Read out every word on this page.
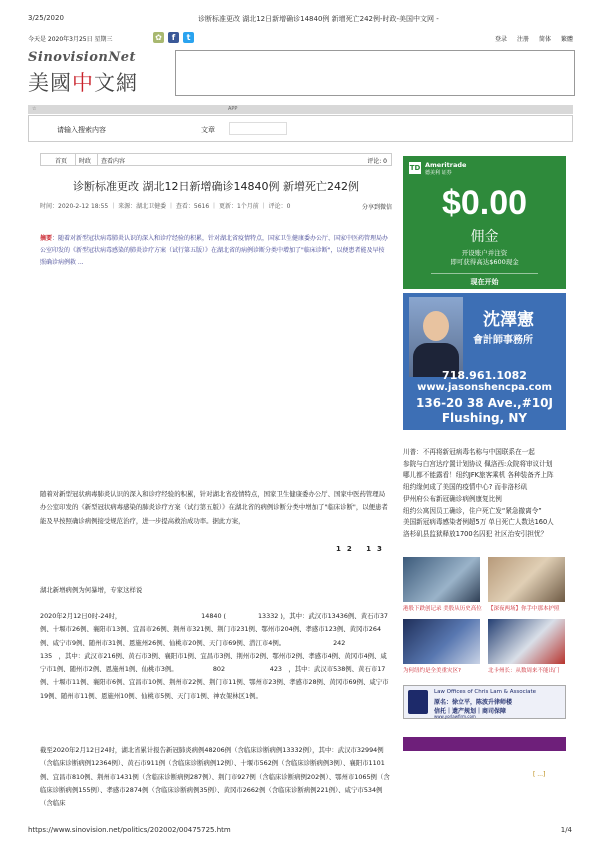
3/25/2020	诊断标准更改 湖北12日新增确诊14840例 新增死亡242例-时政-美国中文网 -
今天是 2020年3月25日 星期三	✿	f	t	登录 注册 简体 繁體
SinovisionNet
美國中文網
☆	APP
请输入搜索内容	文章
首页 时政 查看内容	评论: 0
诊断标准更改 湖北12日新增确诊14840例 新增死亡242例
时间：2020-2-12 18:55 ｜ 来源：湖北卫健委 ｜ 查看：5616 ｜ 更新：1个月前 ｜ 评论：0	分享到微信
摘要：随着对新型冠状病毒肺炎认识的深入和诊疗经验的积累，针对湖北省疫情特点，国家卫生健康委办公厅、国家中医药管理局办公室印发的《新型冠状病毒感染的肺炎诊疗方案（试行第五版）》在湖北省的病例诊断分类中增加了"临床诊断"，以便患者能及早按照确诊病例救 ...
随着对新型冠状病毒肺炎认识的深入和诊疗经验的积累，针对湖北省疫情特点，国家卫生健康委办公厅、国家中医药管理局办公室印发的《新型冠状病毒感染的肺炎诊疗方案（试行第五版）》在湖北省的病例诊断分类中增加了"临床诊断"，以便患者能及早按照确诊病例接受规范治疗，进一步提高救治成功率。据此方案，
12 13
湖北新增病例为何暴增，专家这样说
2020年2月12日0时-24时，　　　　　　　　　　　　　14840 (　　　　　13332 )，其中：武汉市13436例、黄石市37例、十堰市26例、襄阳市13例、宜昌市26例、荆州市321例、荆门市231例、鄂州市204例、孝感市123例、黄冈市264例、咸宁市9例、随州市31例、恩施州26例、仙桃市20例、天门市69例、潜江市4例。　　　　　　　　242　　　　　　　　135　，其中：武汉市216例、黄石市3例、襄阳市1例、宜昌市3例、荆州市2例、鄂州市2例、孝感市4例、黄冈市4例、咸宁市1例、随州市2例、恩施州1例、仙桃市3例。　　　　　　802　　　　　　　423　，其中：武汉市538例、黄石市17例、十堰市11例、襄阳市6例、宜昌市10例、荆州市22例、荆门市11例、鄂州市23例、孝感市28例、黄冈市69例、咸宁市19例、随州市11例、恩施州10例、仙桃市5例、天门市1例、神农架林区1例。
截至2020年2月12日24时，湖北省累计报告新冠肺炎病例48206例（含临床诊断病例13332例），其中：武汉市32994例（含临床诊断病例12364例）、黄石市911例（含临床诊断病例12例）、十堰市562例（含临床诊断病例3例）、襄阳市1101例、宜昌市810例、荆州市1431例（含临床诊断病例287例）、荆门市927例（含临床诊断病例202例）、鄂州市1065例（含临床诊断病例155例）、孝感市2874例（含临床诊断病例35例）、黄冈市2662例（含临床诊断病例221例）、咸宁市534例（含临床
TD Ameritrade
德美利 证券
$0.00
佣金
开设账户并注资
即可获得高达$600现金
现在开始
沈澤憲
會計師事務所
718.961.1082
www.jasonshencpa.com
136-20 38 Ave.,#10J
Flushing, NY
川普：不再将新冠病毒名称与中国联系在一起
参院与白宫达疗置计划协议 佩洛西:众院将审议计划
哪儿都不能露看！纽约JFK旅客乘机 各种装备齐上阵
纽约缘何成了美国的疫情中心? 而非洛杉矶
伊州府公布新冠确诊病例康复比例
纽约公寓因员工确诊，住户死亡发“紧急撤离令”
美国新冠病毒感染者例超5万 单日死亡人数达160人
洛杉矶县监狱释放1700名囚犯 社区治安引担忧？
港股下跌创记录 美股从历史高位 【深夜两场】你手中那本护照
为何纽约是全美重灾区?	北卡州长：从数周来不能出门
Law Offices of Chris Lam & Associate
原名：徐立平，陈波升律师楼
信托｜遗产规划｜商司保障
www.yorlawfirm.com
[ ...]
https://www.sinovision.net/politics/202002/00475725.htm	1/4
